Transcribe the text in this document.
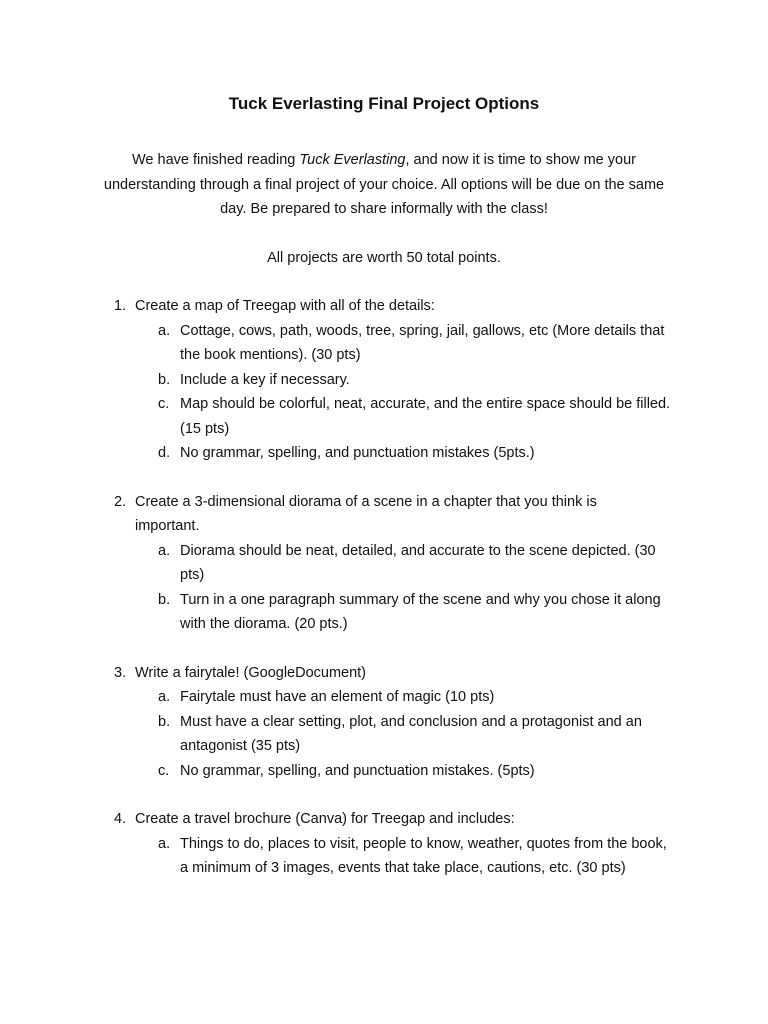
Tuck Everlasting Final Project Options

We have finished reading Tuck Everlasting, and now it is time to show me your understanding through a final project of your choice. All options will be due on the same day. Be prepared to share informally with the class!

All projects are worth 50 total points.
1. Create a map of Treegap with all of the details:
a. Cottage, cows, path, woods, tree, spring, jail, gallows, etc (More details that the book mentions). (30 pts)
b. Include a key if necessary.
c. Map should be colorful, neat, accurate, and the entire space should be filled. (15 pts)
d. No grammar, spelling, and punctuation mistakes (5pts.)
2. Create a 3-dimensional diorama of a scene in a chapter that you think is important.
a. Diorama should be neat, detailed, and accurate to the scene depicted. (30 pts)
b. Turn in a one paragraph summary of the scene and why you chose it along with the diorama. (20 pts.)
3. Write a fairytale! (GoogleDocument)
a. Fairytale must have an element of magic (10 pts)
b. Must have a clear setting, plot, and conclusion and a protagonist and an antagonist (35 pts)
c. No grammar, spelling, and punctuation mistakes. (5pts)
4. Create a travel brochure (Canva) for Treegap and includes:
a. Things to do, places to visit, people to know, weather, quotes from the book, a minimum of 3 images, events that take place, cautions, etc. (30 pts)
